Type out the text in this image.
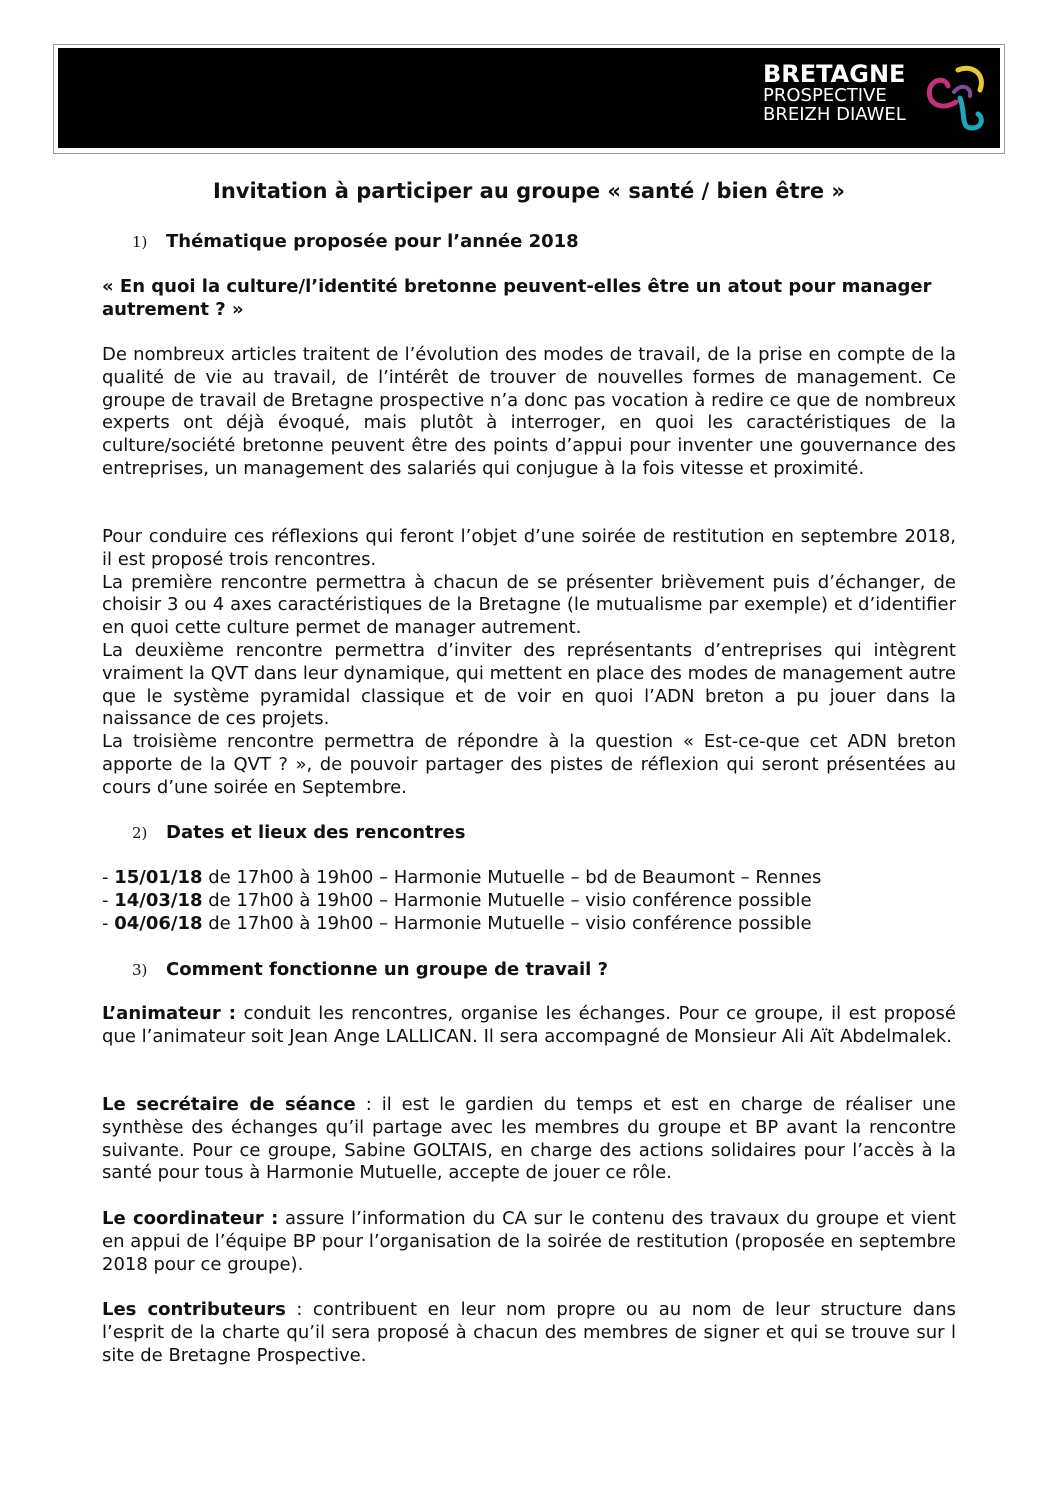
BRETAGNE
PROSPECTIVE
BREIZH DIAWEL
Invitation à participer au groupe « santé / bien être »
1) Thématique proposée pour l’année 2018
« En quoi la culture/l’identité bretonne peuvent-elles être un atout pour manager autrement ? »
De nombreux articles traitent de l’évolution des modes de travail, de la prise en compte de la qualité de vie au travail, de l’intérêt de trouver de nouvelles formes de management. Ce groupe de travail de Bretagne prospective n’a donc pas vocation à redire ce que de nombreux experts ont déjà évoqué, mais plutôt à interroger, en quoi les caractéristiques de la culture/société bretonne peuvent être des points d’appui pour inventer une gouvernance des entreprises, un management des salariés qui conjugue à la fois vitesse et proximité.

Pour conduire ces réflexions qui feront l’objet d’une soirée de restitution en septembre 2018, il est proposé trois rencontres.

La première rencontre permettra à chacun de se présenter brièvement puis d’échanger, de choisir 3 ou 4 axes caractéristiques de la Bretagne (le mutualisme par exemple) et d’identifier en quoi cette culture permet de manager autrement.

La deuxième rencontre permettra d’inviter des représentants d’entreprises qui intègrent vraiment la QVT dans leur dynamique, qui mettent en place des modes de management autre que le système pyramidal classique et de voir en quoi l’ADN breton a pu jouer dans la naissance de ces projets.

La troisième rencontre permettra de répondre à la question « Est-ce-que cet ADN breton apporte de la QVT ? », de pouvoir partager des pistes de réflexion qui seront présentées au cours d’une soirée en Septembre.

2) Dates et lieux des rencontres
- 15/01/18 de 17h00 à 19h00 – Harmonie Mutuelle – bd de Beaumont – Rennes
- 14/03/18 de 17h00 à 19h00 – Harmonie Mutuelle – visio conférence possible
- 04/06/18 de 17h00 à 19h00 – Harmonie Mutuelle – visio conférence possible
3) Comment fonctionne un groupe de travail ?
L’animateur : conduit les rencontres, organise les échanges. Pour ce groupe, il est proposé que l’animateur soit Jean Ange LALLICAN. Il sera accompagné de Monsieur Ali Aït Abdelmalek.
Le secrétaire de séance : il est le gardien du temps et est en charge de réaliser une synthèse des échanges qu’il partage avec les membres du groupe et BP avant la rencontre suivante. Pour ce groupe, Sabine GOLTAIS, en charge des actions solidaires pour l’accès à la santé pour tous à Harmonie Mutuelle, accepte de jouer ce rôle.
Le coordinateur : assure l’information du CA sur le contenu des travaux du groupe et vient en appui de l’équipe BP pour l’organisation de la soirée de restitution (proposée en septembre 2018 pour ce groupe).
Les contributeurs : contribuent en leur nom propre ou au nom de leur structure dans l’esprit de la charte qu’il sera proposé à chacun des membres de signer et qui se trouve sur l site de Bretagne Prospective.
